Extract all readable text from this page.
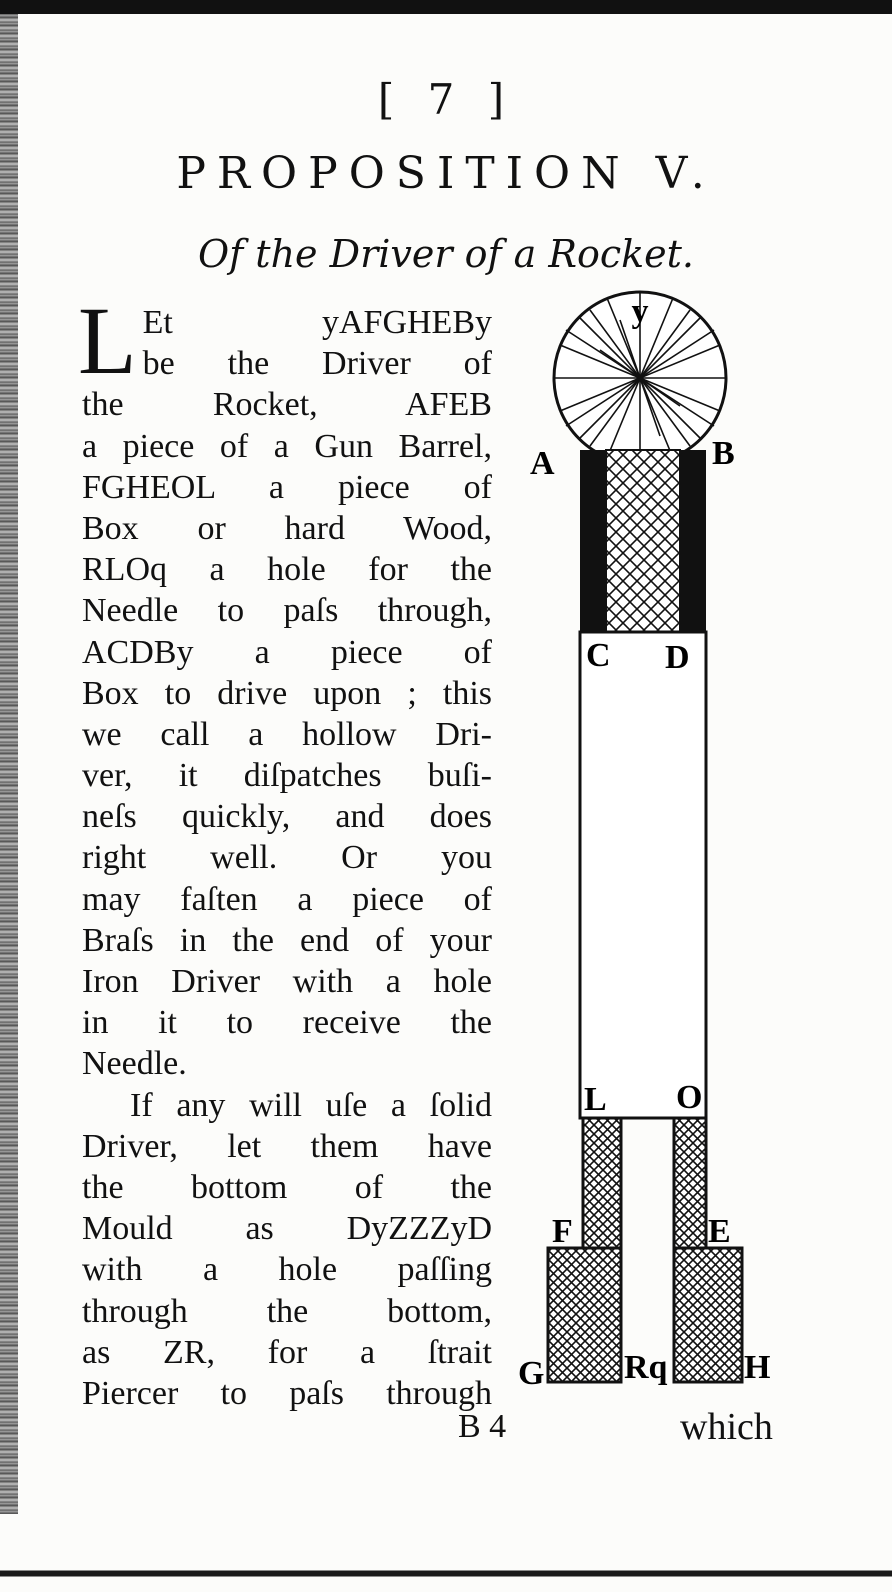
[ 7 ]
PROPOSITION V.
Of the Driver of a Rocket.
L Et yAFGHEBy
be the Driver of
the Rocket, AFEB
a piece of a Gun Barrel,
FGHEOL a piece of
Box or hard Wood,
RLOq a hole for the
Needle to paſs through,
ACDBy a piece of
Box to drive upon ; this
we call a hollow Dri-
ver, it diſpatches buſi-
neſs quickly, and does
right well. Or you
may faſten a piece of
Braſs in the end of your
Iron Driver with a hole
in it to receive the
Needle.
If any will uſe a ſolid
Driver, let them have
the bottom of the
Mould as DyZZZyD
with a hole paſſing
through the bottom,
as ZR, for a ſtrait
Piercer to paſs through
B 4	which
y
A	B
C D
L O
F	E
G Rq H
